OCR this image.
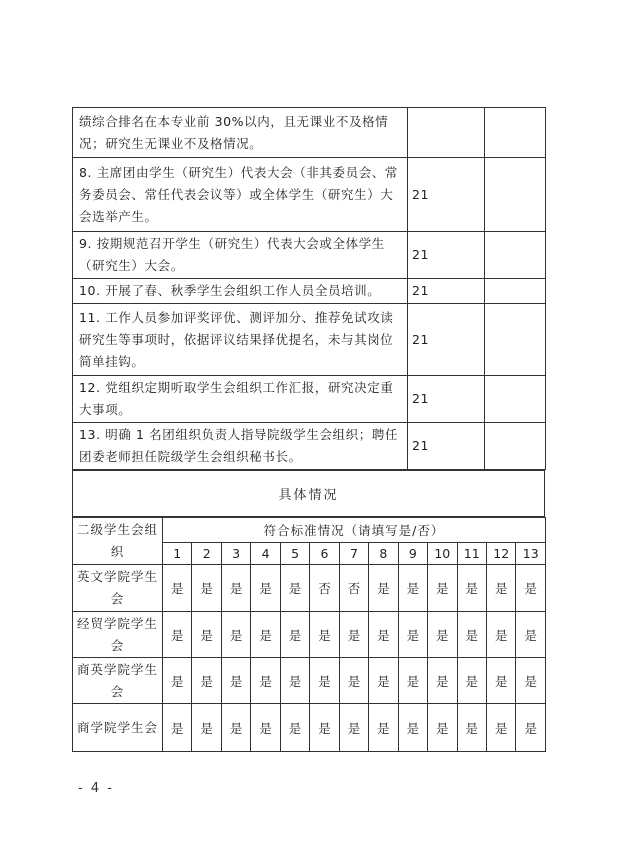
绩综合排名在本专业前 30%以内，且无课业不及格情况；研究生无课业不及格情况。		
8. 主席团由学生（研究生）代表大会（非其委员会、常务委员会、常任代表会议等）或全体学生（研究生）大会选举产生。	21	
9. 按期规范召开学生（研究生）代表大会或全体学生（研究生）大会。	21	
10. 开展了春、秋季学生会组织工作人员全员培训。	21	
11. 工作人员参加评奖评优、测评加分、推荐免试攻读研究生等事项时，依据评议结果择优提名，未与其岗位简单挂钩。	21	
12. 党组织定期听取学生会组织工作汇报，研究决定重大事项。	21	
13. 明确 1 名团组织负责人指导院级学生会组织；聘任团委老师担任院级学生会组织秘书长。	21	
具体情况
二级学生会组织	符合标准情况（请填写是/否）												
	1	2	3	4	5	6	7	8	9	10	11	12	13
英文学院学生会	是	是	是	是	是	否	否	是	是	是	是	是	是
经贸学院学生会	是	是	是	是	是	是	是	是	是	是	是	是	是
商英学院学生会	是	是	是	是	是	是	是	是	是	是	是	是	是
商学院学生会	是	是	是	是	是	是	是	是	是	是	是	是	是
- 4 -
